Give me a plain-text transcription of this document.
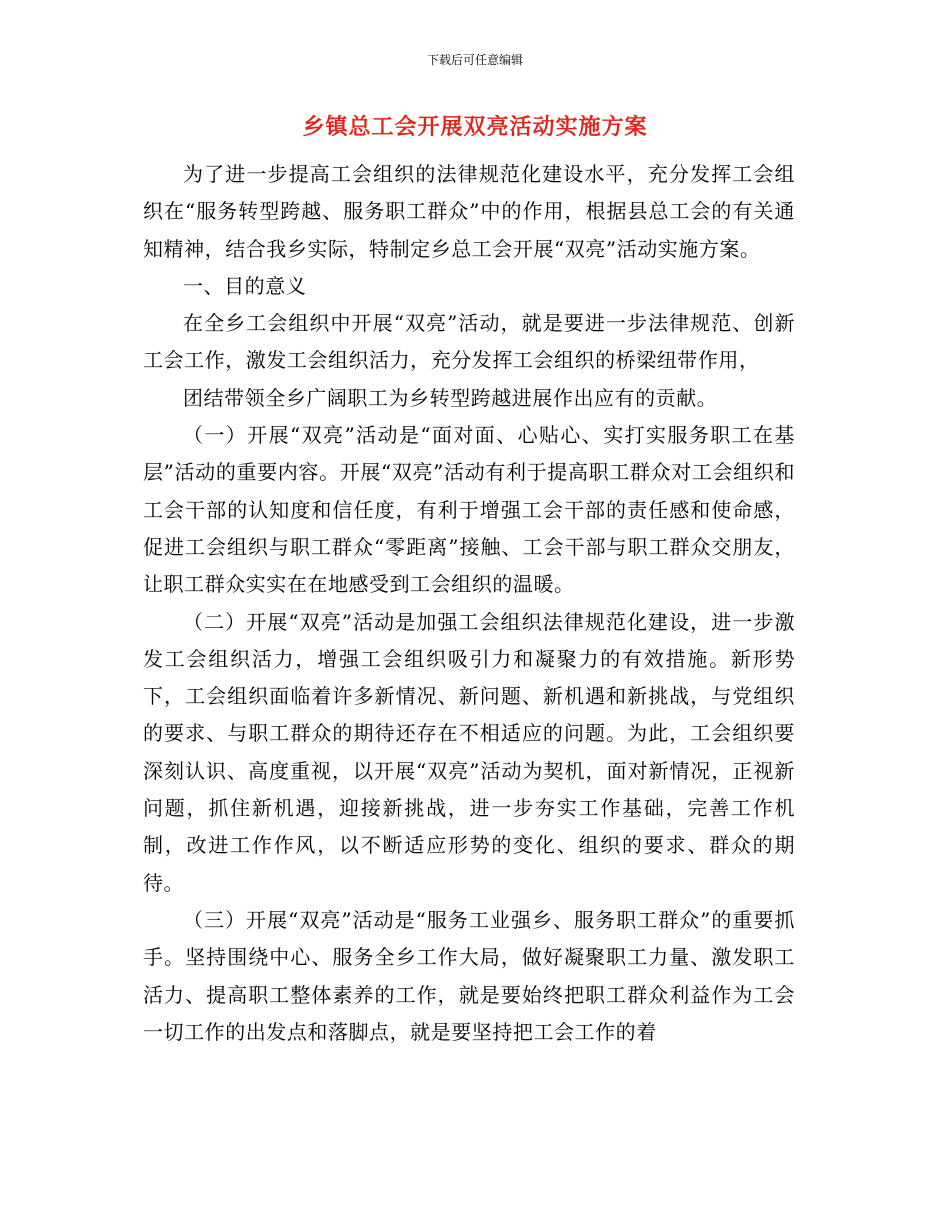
下载后可任意编辑
乡镇总工会开展双亮活动实施方案

为了进一步提高工会组织的法律规范化建设水平，充分发挥工会组织在“服务转型跨越、服务职工群众”中的作用，根据县总工会的有关通知精神，结合我乡实际，特制定乡总工会开展“双亮”活动实施方案。

一、目的意义

在全乡工会组织中开展“双亮”活动，就是要进一步法律规范、创新工会工作，激发工会组织活力，充分发挥工会组织的桥梁纽带作用，

团结带领全乡广阔职工为乡转型跨越进展作出应有的贡献。

（一）开展“双亮”活动是“面对面、心贴心、实打实服务职工在基层”活动的重要内容。开展“双亮”活动有利于提高职工群众对工会组织和工会干部的认知度和信任度，有利于增强工会干部的责任感和使命感，促进工会组织与职工群众“零距离”接触、工会干部与职工群众交朋友，让职工群众实实在在地感受到工会组织的温暖。

（二）开展“双亮”活动是加强工会组织法律规范化建设，进一步激发工会组织活力，增强工会组织吸引力和凝聚力的有效措施。新形势下，工会组织面临着许多新情况、新问题、新机遇和新挑战，与党组织的要求、与职工群众的期待还存在不相适应的问题。为此，工会组织要深刻认识、高度重视，以开展“双亮”活动为契机，面对新情况，正视新问题，抓住新机遇，迎接新挑战，进一步夯实工作基础，完善工作机制，改进工作作风，以不断适应形势的变化、组织的要求、群众的期待。

（三）开展“双亮”活动是“服务工业强乡、服务职工群众”的重要抓手。坚持围绕中心、服务全乡工作大局，做好凝聚职工力量、激发职工活力、提高职工整体素养的工作，就是要始终把职工群众利益作为工会一切工作的出发点和落脚点，就是要坚持把工会工作的着
